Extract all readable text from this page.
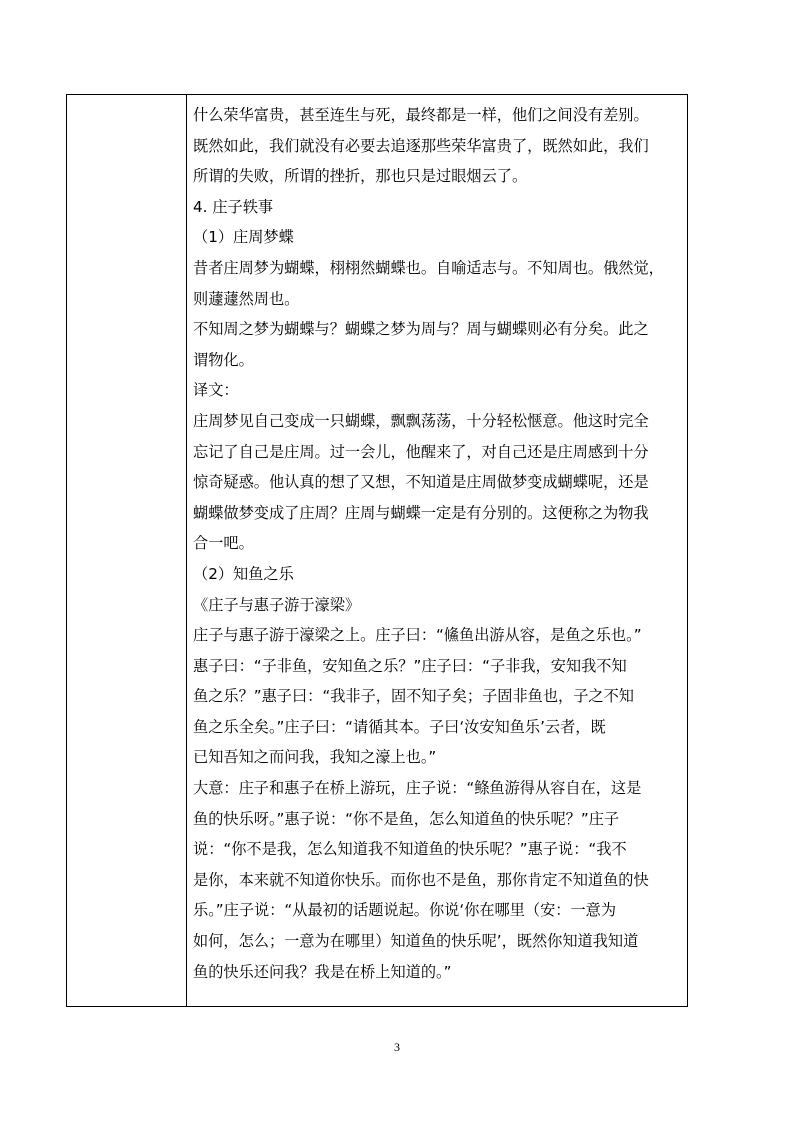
什么荣华富贵，甚至连生与死，最终都是一样，他们之间没有差别。
既然如此，我们就没有必要去追逐那些荣华富贵了，既然如此，我们
所谓的失败，所谓的挫折，那也只是过眼烟云了。
4. 庄子轶事
（1）庄周梦蝶
昔者庄周梦为蝴蝶，栩栩然蝴蝶也。自喻适志与。不知周也。俄然觉，
则蘧蘧然周也。
不知周之梦为蝴蝶与？蝴蝶之梦为周与？周与蝴蝶则必有分矣。此之
谓物化。
译文：
庄周梦见自己变成一只蝴蝶，飘飘荡荡，十分轻松惬意。他这时完全
忘记了自己是庄周。过一会儿，他醒来了，对自己还是庄周感到十分
惊奇疑惑。他认真的想了又想，不知道是庄周做梦变成蝴蝶呢，还是
蝴蝶做梦变成了庄周？庄周与蝴蝶一定是有分别的。这便称之为物我
合一吧。
（2）知鱼之乐
《庄子与惠子游于濠梁》
庄子与惠子游于濠梁之上。庄子曰：“鯈鱼出游从容，是鱼之乐也。”
惠子曰：“子非鱼，安知鱼之乐？”庄子曰：“子非我，安知我不知
鱼之乐？”惠子曰：“我非子，固不知子矣；子固非鱼也，子之不知
鱼之乐全矣。”庄子曰：“请循其本。子曰‘汝安知鱼乐’云者，既
已知吾知之而问我，我知之濠上也。”
大意：庄子和惠子在桥上游玩，庄子说：“鲦鱼游得从容自在，这是
鱼的快乐呀。”惠子说：“你不是鱼，怎么知道鱼的快乐呢？”庄子
说：“你不是我，怎么知道我不知道鱼的快乐呢？”惠子说：“我不
是你，本来就不知道你快乐。而你也不是鱼，那你肯定不知道鱼的快
乐。”庄子说：“从最初的话题说起。你说‘你在哪里（安：一意为
如何，怎么；一意为在哪里）知道鱼的快乐呢’，既然你知道我知道
鱼的快乐还问我？我是在桥上知道的。”
3
